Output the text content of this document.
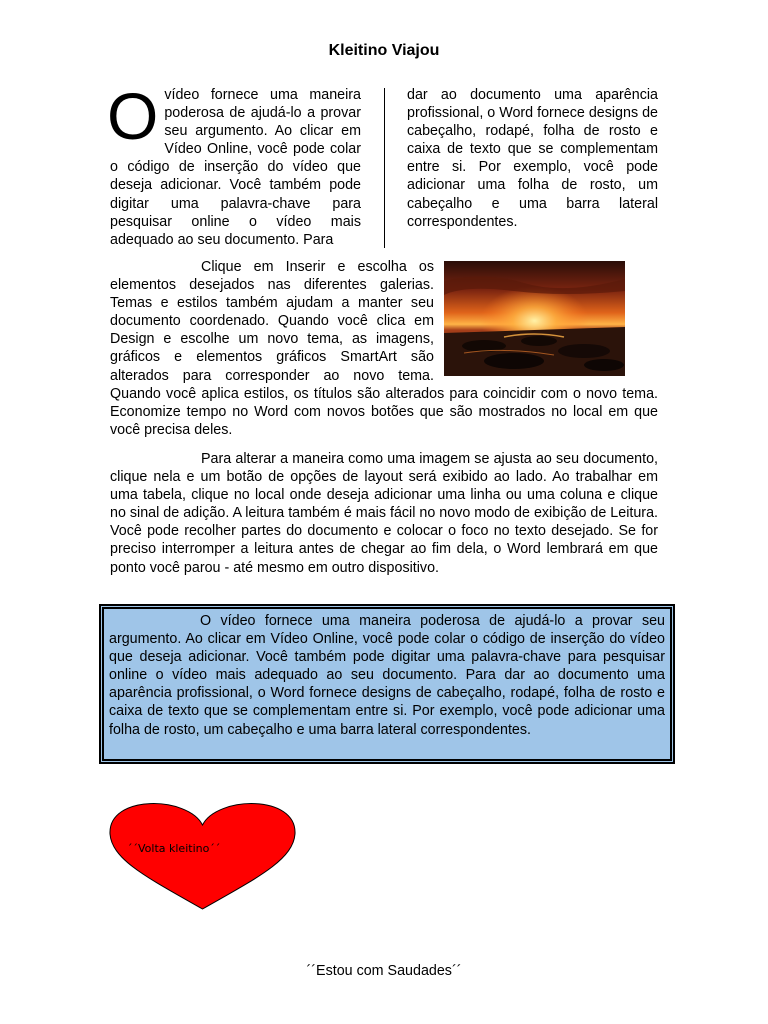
Kleitino Viajou

O vídeo fornece uma maneira poderosa de ajudá-lo a provar seu argumento. Ao clicar em Vídeo Online, você pode colar o código de inserção do vídeo que deseja adicionar. Você também pode digitar uma palavra-chave para pesquisar online o vídeo mais adequado ao seu documento. Para

dar ao documento uma aparência profissional, o Word fornece designs de cabeçalho, rodapé, folha de rosto e caixa de texto que se complementam entre si. Por exemplo, você pode adicionar uma folha de rosto, um cabeçalho e uma barra lateral correspondentes.

Clique em Inserir e escolha os elementos desejados nas diferentes galerias. Temas e estilos também ajudam a manter seu documento coordenado. Quando você clica em Design e escolhe um novo tema, as imagens, gráficos e elementos gráficos SmartArt são alterados para corresponder ao novo tema. Quando você aplica estilos, os títulos são alterados para coincidir com o novo tema. Economize tempo no Word com novos botões que são mostrados no local em que você precisa deles.

Para alterar a maneira como uma imagem se ajusta ao seu documento, clique nela e um botão de opções de layout será exibido ao lado. Ao trabalhar em uma tabela, clique no local onde deseja adicionar uma linha ou uma coluna e clique no sinal de adição. A leitura também é mais fácil no novo modo de exibição de Leitura. Você pode recolher partes do documento e colocar o foco no texto desejado. Se for preciso interromper a leitura antes de chegar ao fim dela, o Word lembrará em que ponto você parou - até mesmo em outro dispositivo.

O vídeo fornece uma maneira poderosa de ajudá-lo a provar seu argumento. Ao clicar em Vídeo Online, você pode colar o código de inserção do vídeo que deseja adicionar. Você também pode digitar uma palavra-chave para pesquisar online o vídeo mais adequado ao seu documento. Para dar ao documento uma aparência profissional, o Word fornece designs de cabeçalho, rodapé, folha de rosto e caixa de texto que se complementam entre si. Por exemplo, você pode adicionar uma folha de rosto, um cabeçalho e uma barra lateral correspondentes.

´´Volta kleitino´´
´´Estou com Saudades´´
